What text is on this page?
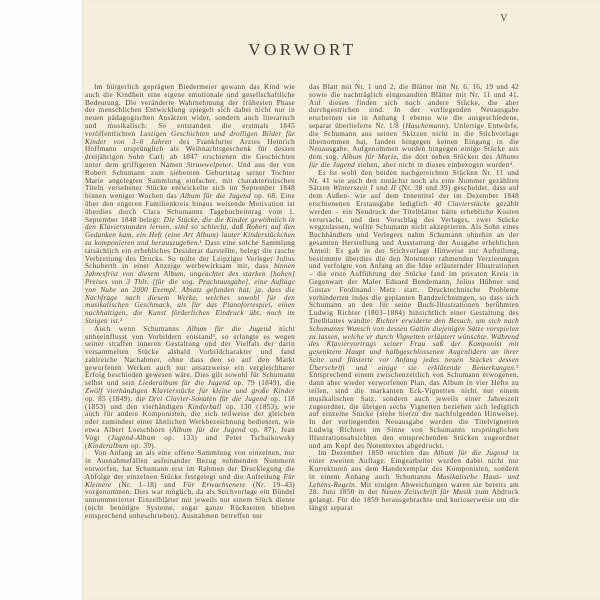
V
VORWORT

Im bürgerlich geprägten Biedermeier gewann das Kind wie auch die Kindheit eine eigene emotionale und gesellschaftliche Bedeutung. Die veränderte Wahrnehmung der frühesten Phase der menschlichen Entwicklung spiegelt sich dabei nicht nur in neuen pädagogischen Ansätzen wider, sondern auch literarisch und musikalisch: So entstanden die erstmals 1845 veröffentlichten Lustigen Geschichten und drolligen Bilder für Kinder von 3–6 Jahren des Frankfurter Arztes Heinrich Hoffmann ursprünglich als Weihnachtsgeschenk für dessen dreijährigen Sohn Carl; ab 1847 erschienen die Geschichten unter dem griffigeren Namen Struwwelpeter. Und aus der von Robert Schumann zum siebenten Geburtstag seiner Tochter Marie angelegten Sammlung einfacher, mit charakteristischen Titeln versehener Stücke entwickelte sich im September 1848 binnen weniger Wochen das Album für die Jugend op. 68. Eine über den engeren Familienkreis hinaus weisende Motivation ist überdies durch Clara Schumanns Tagebucheintrag vom 1. September 1848 belegt: Die Stücke, die die Kinder gewöhnlich in den Klavierstunden lernen, sind so schlecht, daß Robert auf den Gedanken kam, ein Heft (eine Art Album) lauter Kinderstückchen zu komponieren und herauszugeben.¹ Dass eine solche Sammlung tatsächlich ein erhebliches Desiderat darstellte, belegt die rasche Verbreitung des Drucks. So teilte der Leipziger Verleger Julius Schuberth in einer Anzeige werbewirksam mit, dass binnen Jahresfrist von diesem Album, ungeachtet des starken [hohen] Preises von 3 Thlr. [für die sog. Prachtausgabe], eine Auflage von Nahe an 2000 Exempl. Absatz gefunden hat, ja, dass die Nachfrage nach diesem Werke, welches sowohl für den musikalischen Geschmack, als für das Pianofortespiel, einen nachhaltigen, die Kunst förderlichen Eindruck übt, noch im Steigen ist.²

Auch wenn Schumanns Album für die Jugend nicht unbeeinflusst von Vorbildern entstand³, so erlangte es wegen seiner straffen inneren Gestaltung und der Vielfalt der darin versammelten Stücke alsbald Vorbildcharakter und fand zahlreiche Nachahmer, ohne dass den so auf den Markt geworfenen Werken auch nur ansatzweise ein vergleichbarer Erfolg beschieden gewesen wäre. Dies gilt sowohl für Schumann selbst und sein Liederalbum für die Jugend op. 79 (1849), die Zwölf vierhändigen Klavierstücke für kleine und große Kinder op. 85 (1849), die Drei Clavier-Sonaten für die Jugend op. 118 (1853) und den vierhändigen Kinderball op. 130 (1853), wie auch für andere Komponisten, die sich teilweise der gleichen oder zumindest einer ähnlichen Werkbezeichnung bedienten, wie etwa Albert Loeschhorn (Album für die Jugend op. 87), Jean Vogt (Jugend-Album op. 133) und Peter Tschaikowsky (Kinderalbum op. 39).

Von Anfang an als eine offene Sammlung von einzelnen, nur in Ausnahmefällen aufeinander Bezug nehmenden Nummern entworfen, hat Schumann erst im Rahmen der Drucklegung die Abfolge der einzelnen Stücke festgelegt und die Aufteilung Für Kleinere (Nr. 1–18) und Für Erwachsenere (Nr. 19–43) vorgenommen. Dies war möglich, da als Stichvorlage ein Bündel unnummerierter Einzelblätter mit jeweils nur einem Stück diente (nicht benötigte Systeme, sogar ganze Rückseiten blieben entsprechend unbeschrieben). Ausnahmen betreffen nur

das Blatt mit Nr. 1 und 2, die Blätter mit Nr. 6, 16, 19 und 42 sowie die nachträglich eingesandten Blätter mit Nr. 11 und 41. Auf diesen finden sich noch andere Stücke, die aber durchgestrichen sind. In der vorliegenden Neuausgabe erscheinen sie in Anhang I ebenso wie die ausgeschiedene, separat überlieferte Nr. 1/8 (Haschemann). Unfertige Entwürfe, die Schumann aus seinen Skizzen nicht in die Stichvorlage übernommen hat, fanden hingegen keinen Eingang in die Neuausgabe. Aufgenommen wurden hingegen einige Stücke aus dem sog. Album für Marie, die dort neben Stücken des Albums für die Jugend stehen, aber nicht in dieses einbezogen wurden⁴.

Es ist wohl den beiden nachgereichten Stücken Nr. 11 und Nr. 41 wie auch den zunächst noch als eine Nummer gezählten Sätzen Winterszeit I und II (Nr. 38 und 39) geschuldet, dass auf dem Außen- wie auf dem Innentitel der im Dezember 1848 erschienenen Erstausgabe lediglich 40 Clavierstücke gezählt werden – ein Neudruck der Titelblätter hätte erhebliche Kosten verursacht, und den Vorschlag des Verlages, zwei Stücke wegzulassen, wollte Schumann nicht akzeptieren. Als Sohn eines Buchhändlers und Verlegers nahm Schumann ohnehin an der gesamten Herstellung und Ausstattung der Ausgabe erheblichen Anteil: Es gab in der Stichvorlage Hinweise zur Aufteilung, bestimmte überdies die den Notentext rahmenden Verzierungen und verfolgte von Anfang an die Idee erläuternder Illustrationen – die erste Aufführung der Stücke fand im privaten Kreis in Gegenwart der Maler Eduard Bendemann, Julius Hübner und Gustav Ferdinand Metz statt. Drucktechnische Probleme verhinderten indes die geplanten Randzeichnungen, so dass sich Schumann an den für seine Buch-Illustrationen berühmten Ludwig Richter (1803–1884) hinsichtlich einer Gestaltung des Titelblattes wandte: Richter erwiderte den Besuch, um sich nach Schumanns Wunsch von dessen Gattin diejenigen Sätze vorspielen zu lassen, welche er durch Vignetten erläutert wünschte. Während des Klaviervortrags seiner Frau saß der Komponist mit gesenktem Haupt und halbgeschlossenen Augenlidern an ihrer Seite und flüsterte vor Anfang jedes neuen Stückes dessen Überschrift und einige sie erklärende Bemerkungen.⁵ Entsprechend einem zwischenzeitlich von Schumann erwogenen, dann aber wieder verworfenen Plan, das Album in vier Hefte zu teilen, sind die markanten Eck-Vignetten nicht nur einem musikalischen Satz, sondern auch jeweils einer Jahreszeit zugeordnet, die übrigen sechs Vignetten beziehen sich lediglich auf einzelne Stücke (siehe hierzu die nachfolgenden Hinweise). In der vorliegenden Neuausgabe werden die Titelvignetten Ludwig Richters im Sinne von Schumanns ursprünglichen Illustrationsabsichten den entsprechenden Stücken zugeordnet und am Kopf des Notentextes abgedruckt.

Im Dezember 1850 erschien das Album für die Jugend in einer zweiten Auflage. Eingearbeitet wurden dabei nicht nur Korrekturen aus dem Handexemplar des Komponisten, sondern in einem Anhang auch Schumanns Musikalische Haus- und Lebens-Regeln. Mit einigen Abweichungen waren sie bereits am 28. Juni 1850 in der Neuen Zeitschrift für Musik zum Abdruck gelangt. Für die 1859 herausgebrachte und kurioserweise um die längst separat
